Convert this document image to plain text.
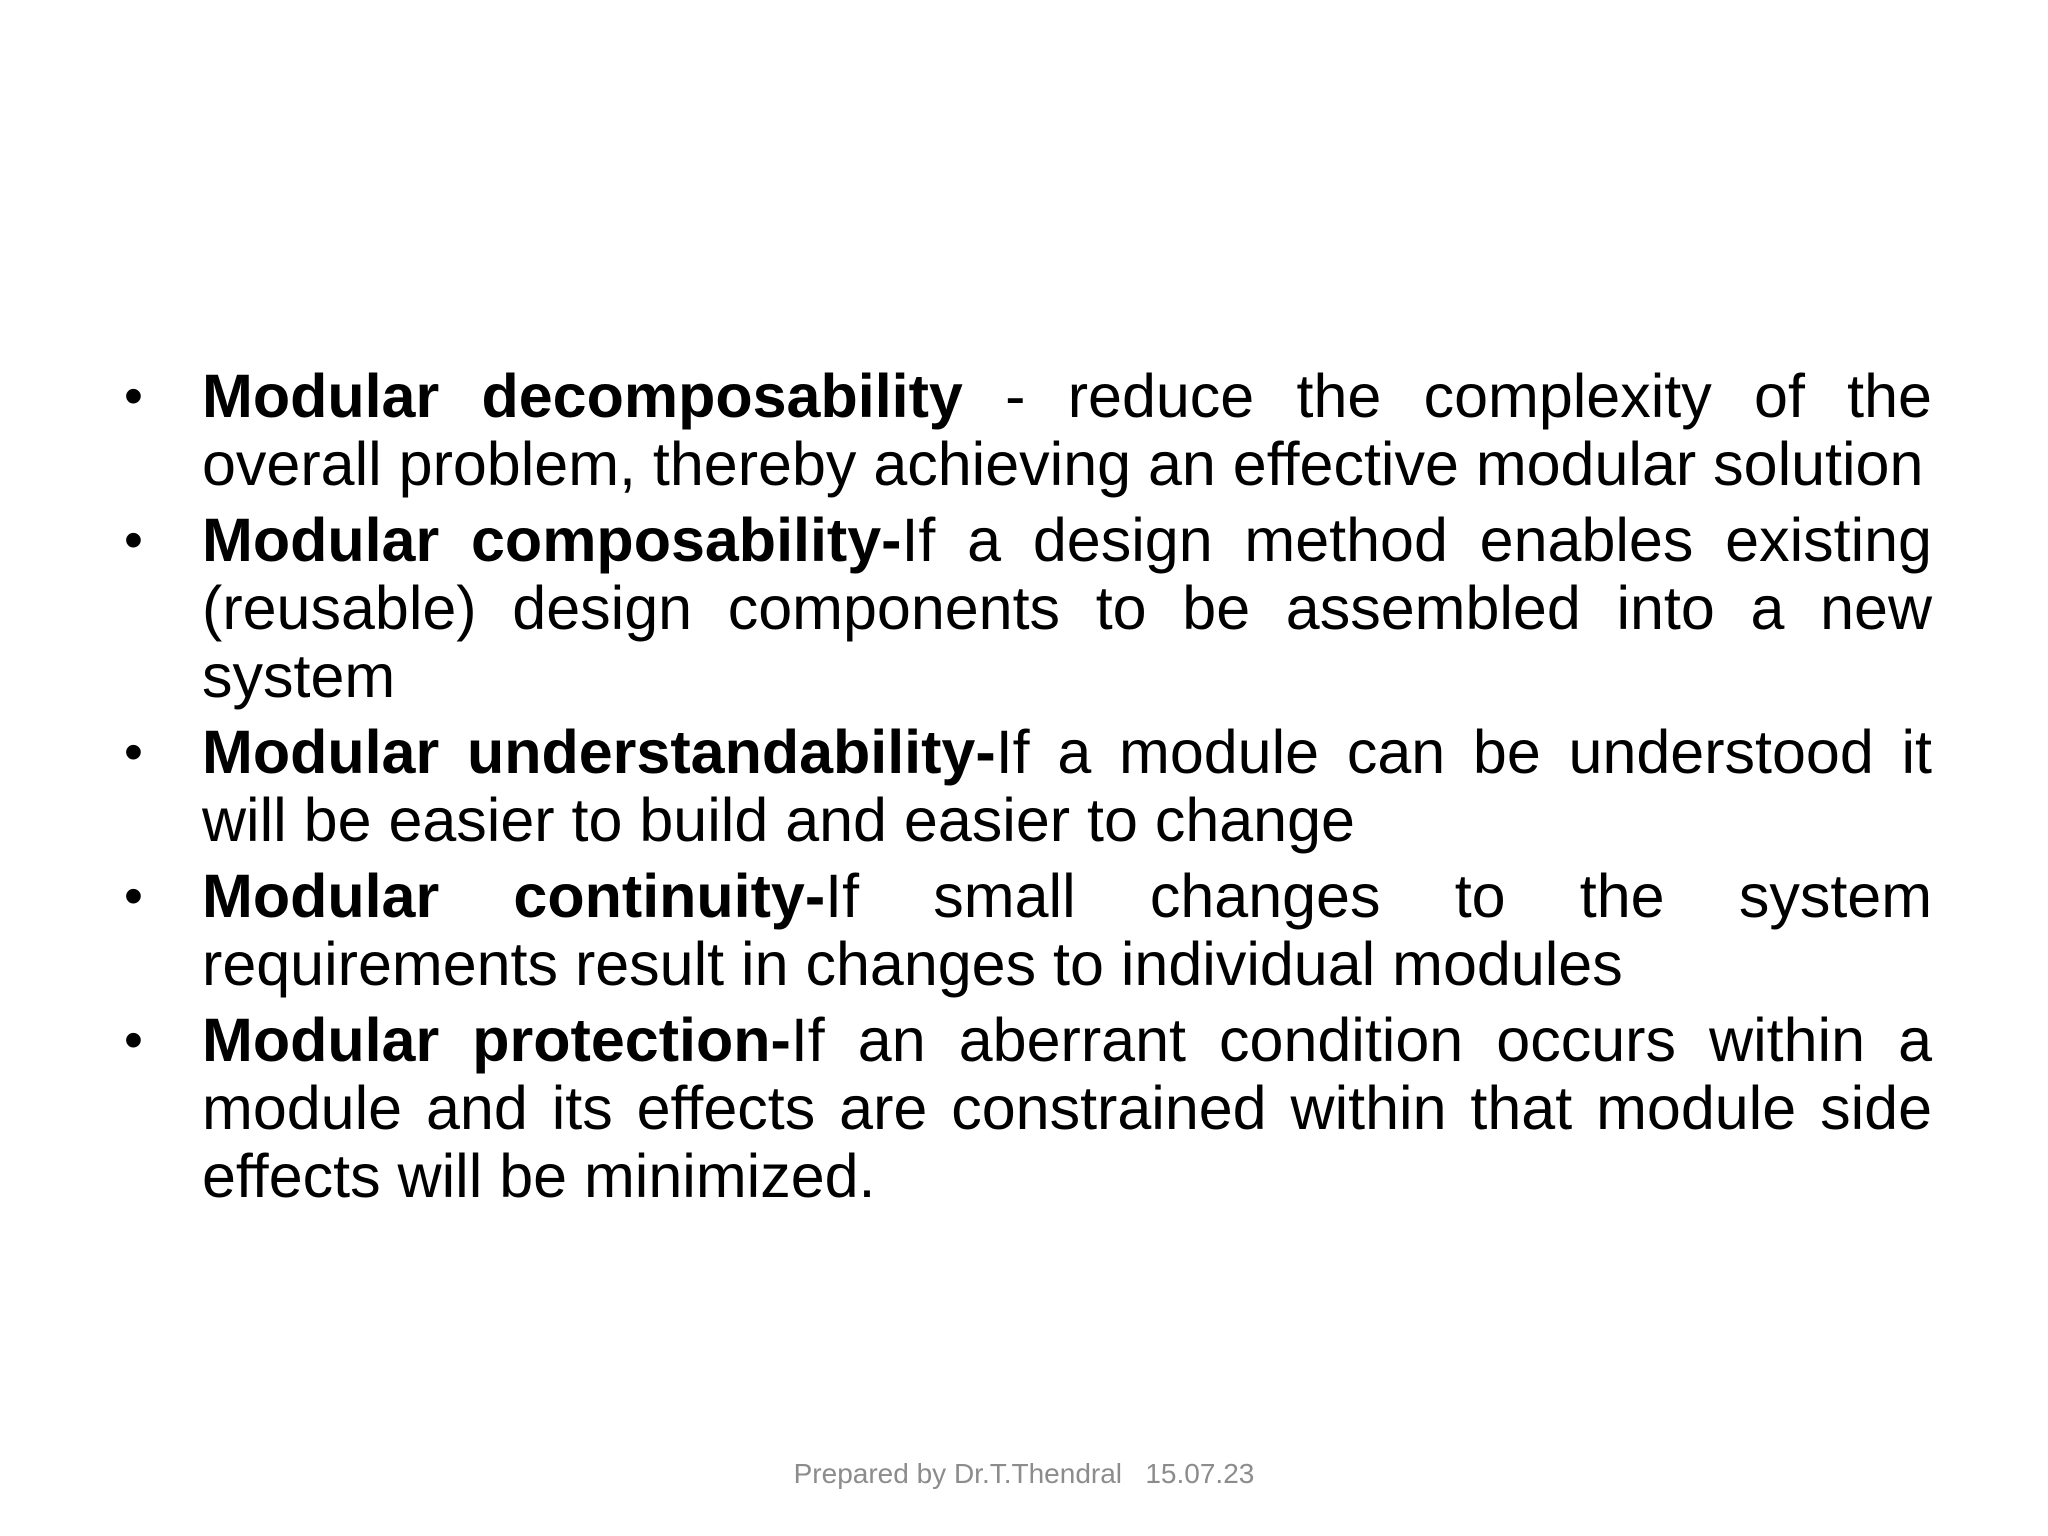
• Modular decomposability - reduce the complexity of the overall problem, thereby achieving an effective modular solution
• Modular composability-If a design method enables existing (reusable) design components to be assembled into a new system
• Modular understandability-If a module can be understood it will be easier to build and easier to change
• Modular continuity-If small changes to the system requirements result in changes to individual modules
• Modular protection-If an aberrant condition occurs within a module and its effects are constrained within that module side effects will be minimized.
Prepared by Dr.T.Thendral 15.07.23
